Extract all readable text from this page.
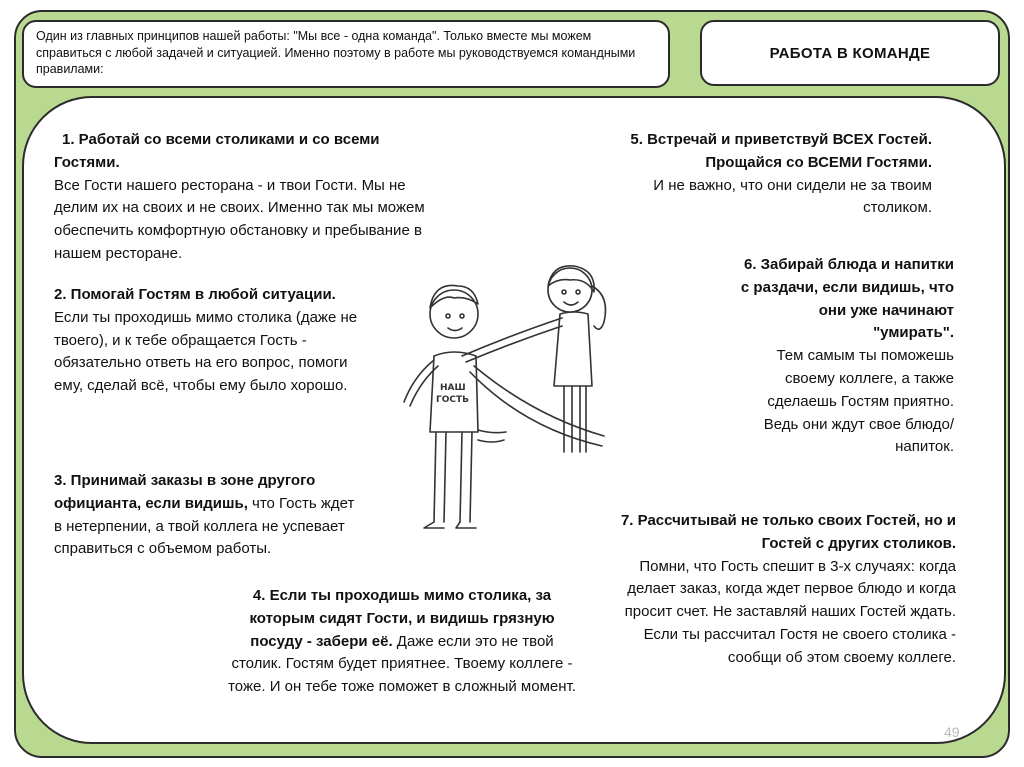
Один из главных принципов нашей работы: "Мы все - одна команда". Только вместе мы можем справиться с любой задачей и ситуацией. Именно поэтому в работе мы руководствуемся командными правилами:
РАБОТА В КОМАНДЕ
1. Работай со всеми столиками и со всеми Гостями.
Все Гости нашего ресторана - и твои Гости. Мы не делим их на своих и не своих. Именно так мы можем обеспечить комфортную обстановку и пребывание в нашем ресторане.
2. Помогай Гостям в любой ситуации.
Если ты проходишь мимо столика (даже не твоего), и к тебе обращается Гость - обязательно ответь на его вопрос, помоги ему, сделай всё, чтобы ему было хорошо.
3. Принимай заказы в зоне другого официанта, если видишь, что Гость ждет в нетерпении, а твой коллега не успевает справиться с объемом работы.
4. Если ты проходишь мимо столика, за которым сидят Гости, и видишь грязную посуду - забери её. Даже если это не твой столик. Гостям будет приятнее. Твоему коллеге - тоже. И он тебе тоже поможет в сложный момент.
5. Встречай и приветствуй ВСЕХ Гостей. Прощайся со ВСЕМИ Гостями.
И не важно, что они сидели не за твоим столиком.
6. Забирай блюда и напитки с раздачи, если видишь, что они уже начинают "умирать".
Тем самым ты поможешь своему коллеге, а также сделаешь Гостям приятно. Ведь они ждут свое блюдо/ напиток.
7. Рассчитывай не только своих Гостей, но и Гостей с других столиков.
Помни, что Гость спешит в 3-х случаях: когда делает заказ, когда ждет первое блюдо и когда просит счет. Не заставляй наших Гостей ждать. Если ты рассчитал Гостя не своего столика - сообщи об этом своему коллеге.
НАШ
ГОСТЬ
49
